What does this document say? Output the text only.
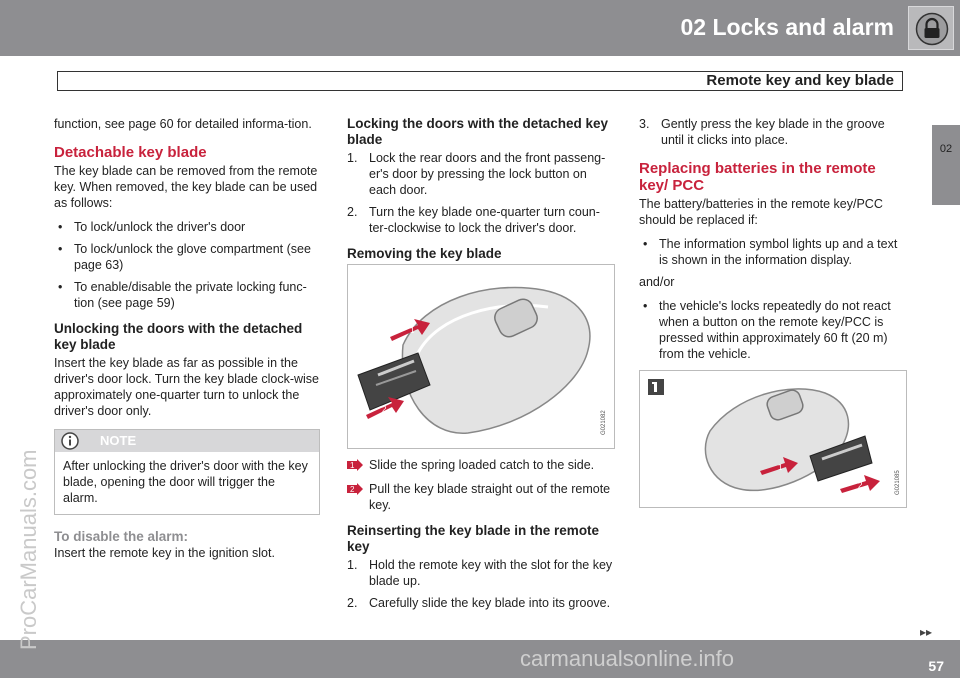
02 Locks and alarm
Remote key and key blade
02

function, see page 60 for detailed informa-tion.

Detachable key blade

The key blade can be removed from the remote key. When removed, the key blade can be used as follows:

• To lock/unlock the driver's door
• To lock/unlock the glove compartment (see page 63)
• To enable/disable the private locking func-tion (see page 59)
Unlocking the doors with the detached key blade

Insert the key blade as far as possible in the driver's door lock. Turn the key blade clock-wise approximately one-quarter turn to unlock the driver's door only.

NOTE
After unlocking the driver's door with the key blade, opening the door will trigger the alarm.
To disable the alarm:

Insert the remote key in the ignition slot.

Locking the doors with the detached key blade
1. Lock the rear doors and the front passeng-er's door by pressing the lock button on each door.
2. Turn the key blade one-quarter turn coun-ter-clockwise to lock the driver's door.
Removing the key blade
1
2
G021082
1 Slide the spring loaded catch to the side.
2 Pull the key blade straight out of the remote key.
Reinserting the key blade in the remote key
1. Hold the remote key with the slot for the key blade up.
2. Carefully slide the key blade into its groove.
3. Gently press the key blade in the groove until it clicks into place.
Replacing batteries in the remote key/ PCC

The battery/batteries in the remote key/PCC should be replaced if:

• The information symbol lights up and a text is shown in the information display.

and/or

• the vehicle's locks repeatedly do not react when a button on the remote key/PCC is pressed within approximately 60 ft (20 m) from the vehicle.
1
2	G021085
▸▸
57
ProCarManuals.com
carmanualsonline.info
